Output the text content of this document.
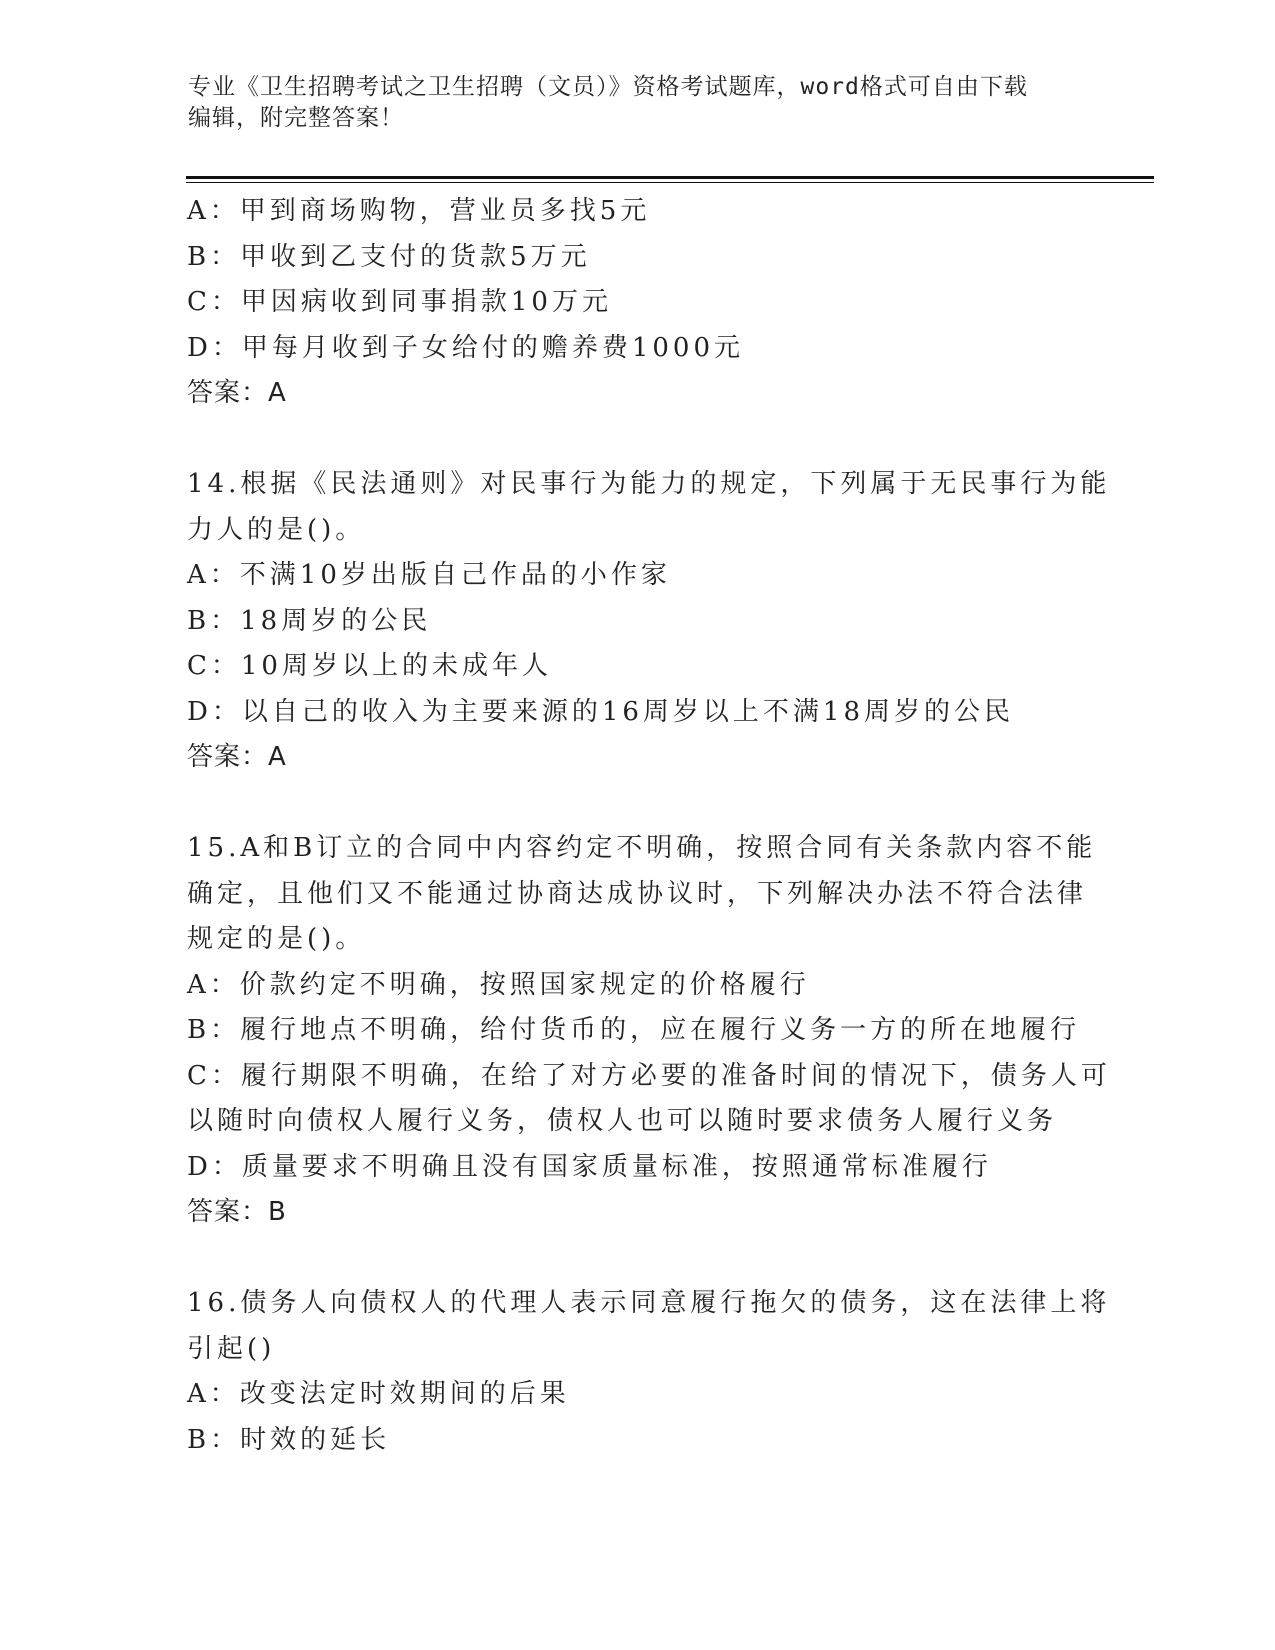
专业《卫生招聘考试之卫生招聘（文员）》资格考试题库，word格式可自由下载
编辑，附完整答案！
A：甲到商场购物，营业员多找5元
B：甲收到乙支付的货款5万元
C：甲因病收到同事捐款10万元
D：甲每月收到子女给付的赡养费1000元
答案：A
14.根据《民法通则》对民事行为能力的规定，下列属于无民事行为能
力人的是()。
A：不满10岁出版自己作品的小作家
B：18周岁的公民
C：10周岁以上的未成年人
D：以自己的收入为主要来源的16周岁以上不满18周岁的公民
答案：A
15.A和B订立的合同中内容约定不明确，按照合同有关条款内容不能
确定，且他们又不能通过协商达成协议时，下列解决办法不符合法律
规定的是()。
A：价款约定不明确，按照国家规定的价格履行
B：履行地点不明确，给付货币的，应在履行义务一方的所在地履行
C：履行期限不明确，在给了对方必要的准备时间的情况下，债务人可
以随时向债权人履行义务，债权人也可以随时要求债务人履行义务
D：质量要求不明确且没有国家质量标准，按照通常标准履行
答案：B
16.债务人向债权人的代理人表示同意履行拖欠的债务，这在法律上将
引起()
A：改变法定时效期间的后果
B：时效的延长
